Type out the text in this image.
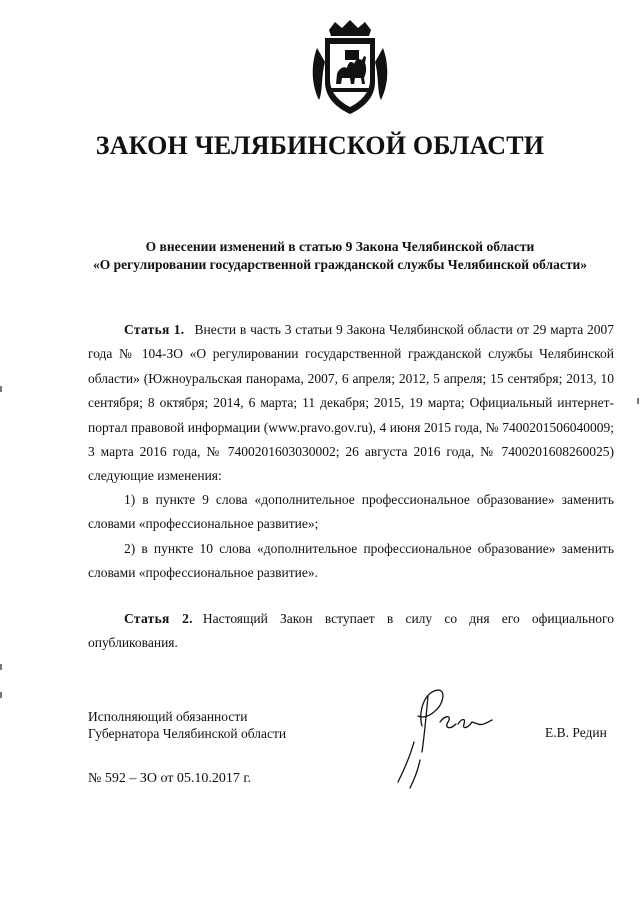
ЗАКОН ЧЕЛЯБИНСКОЙ ОБЛАСТИ
О внесении изменений в статью 9 Закона Челябинской области
«О регулировании государственной гражданской службы Челябинской области»

Статья 1. Внести в часть 3 статьи 9 Закона Челябинской области от 29 марта 2007 года № 104-ЗО «О регулировании государственной гражданской службы Челябинской области» (Южноуральская панорама, 2007, 6 апреля; 2012, 5 апреля; 15 сентября; 2013, 10 сентября; 8 октября; 2014, 6 марта; 11 декабря; 2015, 19 марта; Официальный интернет-портал правовой информации (www.pravo.gov.ru), 4 июня 2015 года, № 7400201506040009; 3 марта 2016 года, № 7400201603030002; 26 августа 2016 года, № 7400201608260025) следующие изменения:

1) в пункте 9 слова «дополнительное профессиональное образование» заменить словами «профессиональное развитие»;

2) в пункте 10 слова «дополнительное профессиональное образование» заменить словами «профессиональное развитие».

Статья 2. Настоящий Закон вступает в силу со дня его официального опубликования.

Исполняющий обязанности
Губернатора Челябинской области	Е.В. Редин
№ 592 – ЗО от 05.10.2017 г.
